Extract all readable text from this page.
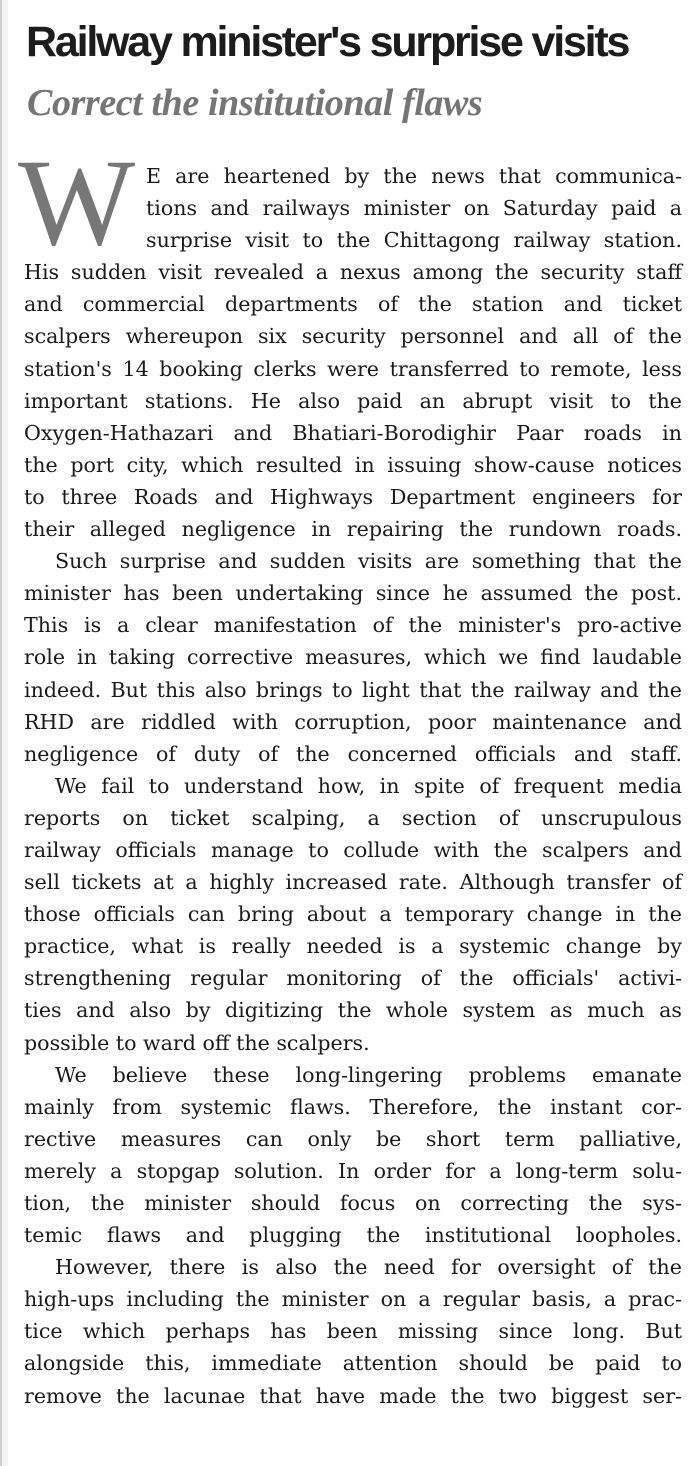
Railway minister's surprise visits
Correct the institutional flaws
W E are heartened by the news that communica-
tions and railways minister on Saturday paid a
surprise visit to the Chittagong railway station.
His sudden visit revealed a nexus among the security staff
and commercial departments of the station and ticket
scalpers whereupon six security personnel and all of the
station's 14 booking clerks were transferred to remote, less
important stations. He also paid an abrupt visit to the
Oxygen-Hathazari and Bhatiari-Borodighir Paar roads in
the port city, which resulted in issuing show-cause notices
to three Roads and Highways Department engineers for
their alleged negligence in repairing the rundown roads.
Such surprise and sudden visits are something that the
minister has been undertaking since he assumed the post.
This is a clear manifestation of the minister's pro-active
role in taking corrective measures, which we find laudable
indeed. But this also brings to light that the railway and the
RHD are riddled with corruption, poor maintenance and
negligence of duty of the concerned officials and staff.
We fail to understand how, in spite of frequent media
reports on ticket scalping, a section of unscrupulous
railway officials manage to collude with the scalpers and
sell tickets at a highly increased rate. Although transfer of
those officials can bring about a temporary change in the
practice, what is really needed is a systemic change by
strengthening regular monitoring of the officials' activi-
ties and also by digitizing the whole system as much as
possible to ward off the scalpers.
We believe these long-lingering problems emanate
mainly from systemic flaws. Therefore, the instant cor-
rective measures can only be short term palliative,
merely a stopgap solution. In order for a long-term solu-
tion, the minister should focus on correcting the sys-
temic flaws and plugging the institutional loopholes.
However, there is also the need for oversight of the
high-ups including the minister on a regular basis, a prac-
tice which perhaps has been missing since long. But
alongside this, immediate attention should be paid to
remove the lacunae that have made the two biggest ser-
